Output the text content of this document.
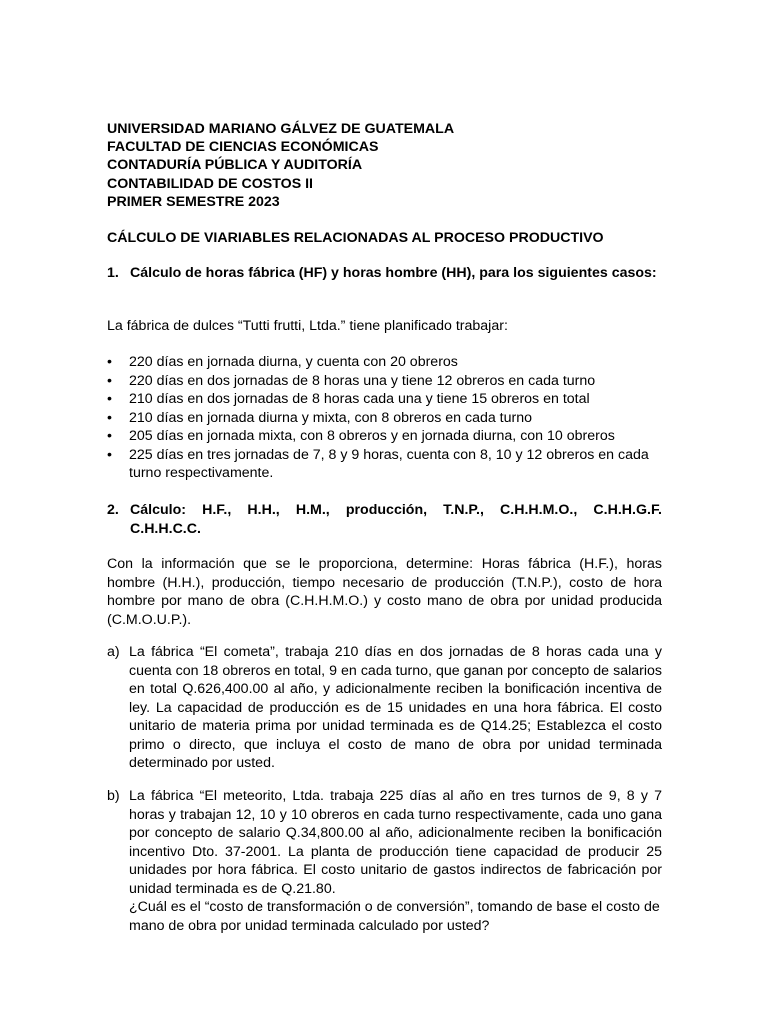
UNIVERSIDAD MARIANO GÁLVEZ DE GUATEMALA
FACULTAD DE CIENCIAS ECONÓMICAS
CONTADURÍA PÚBLICA Y AUDITORÍA
CONTABILIDAD DE COSTOS II
PRIMER SEMESTRE 2023
CÁLCULO DE VIARIABLES RELACIONADAS AL PROCESO PRODUCTIVO
1. Cálculo de horas fábrica (HF) y horas hombre (HH), para los siguientes casos:
La fábrica de dulces “Tutti frutti, Ltda.” tiene planificado trabajar:
• 220 días en jornada diurna, y cuenta con 20 obreros
• 220 días en dos jornadas de 8 horas una y tiene 12 obreros en cada turno
• 210 días en dos jornadas de 8 horas cada una y tiene 15 obreros en total
• 210 días en jornada diurna y mixta, con 8 obreros en cada turno
• 205 días en jornada mixta, con 8 obreros y en jornada diurna, con 10 obreros
• 225 días en tres jornadas de 7, 8 y 9 horas, cuenta con 8, 10 y 12 obreros en cada turno respectivamente.
2. Cálculo: H.F., H.H., H.M., producción, T.N.P., C.H.H.M.O., C.H.H.G.F.
C.H.H.C.C.
Con la información que se le proporciona, determine: Horas fábrica (H.F.), horas hombre (H.H.), producción, tiempo necesario de producción (T.N.P.), costo de hora hombre por mano de obra (C.H.H.M.O.) y costo mano de obra por unidad producida (C.M.O.U.P.).
a) La fábrica “El cometa”, trabaja 210 días en dos jornadas de 8 horas cada una y cuenta con 18 obreros en total, 9 en cada turno, que ganan por concepto de salarios en total Q.626,400.00 al año, y adicionalmente reciben la bonificación incentiva de ley. La capacidad de producción es de 15 unidades en una hora fábrica. El costo unitario de materia prima por unidad terminada es de Q14.25; Establezca el costo primo o directo, que incluya el costo de mano de obra por unidad terminada determinado por usted.
b) La fábrica “El meteorito, Ltda. trabaja 225 días al año en tres turnos de 9, 8 y 7 horas y trabajan 12, 10 y 10 obreros en cada turno respectivamente, cada uno gana por concepto de salario Q.34,800.00 al año, adicionalmente reciben la bonificación incentivo Dto. 37-2001. La planta de producción tiene capacidad de producir 25 unidades por hora fábrica. El costo unitario de gastos indirectos de fabricación por unidad terminada es de Q.21.80.
¿Cuál es el “costo de transformación o de conversión”, tomando de base el costo de mano de obra por unidad terminada calculado por usted?
